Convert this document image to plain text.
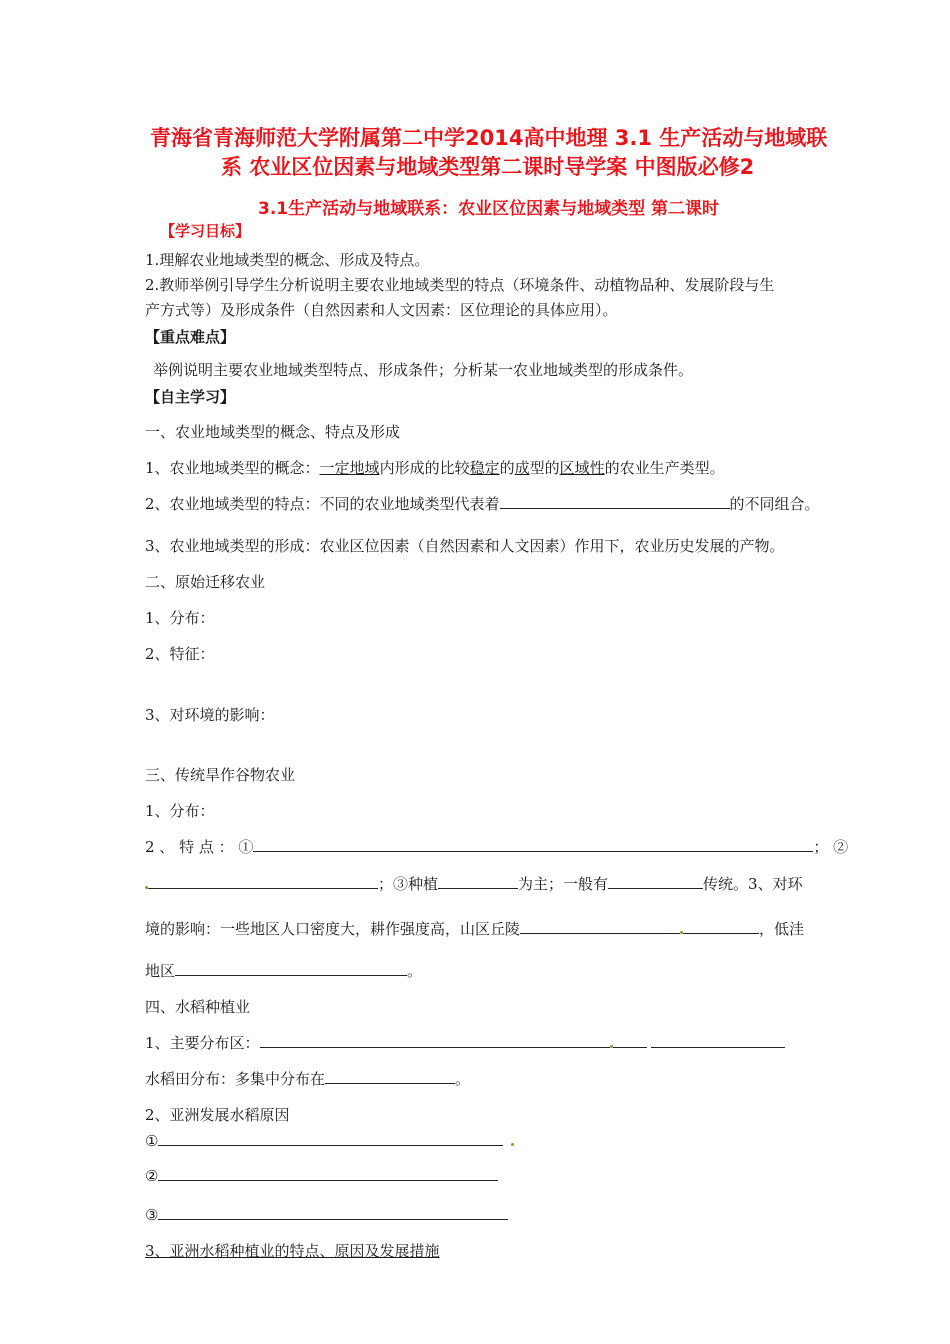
青海省青海师范大学附属第二中学2014高中地理 3.1 生产活动与地域联
系 农业区位因素与地域类型第二课时导学案 中图版必修2
3.1生产活动与地域联系：农业区位因素与地域类型 第二课时
【学习目标】
1.理解农业地域类型的概念、形成及特点。
2.教师举例引导学生分析说明主要农业地域类型的特点（环境条件、动植物品种、发展阶段与生
产方式等）及形成条件（自然因素和人文因素：区位理论的具体应用）。
【重点难点】
举例说明主要农业地域类型特点、形成条件；分析某一农业地域类型的形成条件。
【自主学习】
一、农业地域类型的概念、特点及形成
1、农业地域类型的概念：一定地域内形成的比较稳定的成型的区域性的农业生产类型。
2、农业地域类型的特点：不同的农业地域类型代表着	的不同组合。
3、农业地域类型的形成：农业区位因素（自然因素和人文因素）作用下，农业历史发展的产物。
二、原始迁移农业
1、分布：
2、特征：
3、对环境的影响：
三、传统旱作谷物农业
1、分布：
2 、 特 点 ： ①	； ②
；③种植	为主；一般有	传统。3、对环
境的影响：一些地区人口密度大，耕作强度高，山区丘陵	，低洼
地区	。
四、水稻种植业
1、主要分布区：
水稻田分布：多集中分布在	。
2、亚洲发展水稻原因
①
②
③
3、亚洲水稻种植业的特点、原因及发展措施
